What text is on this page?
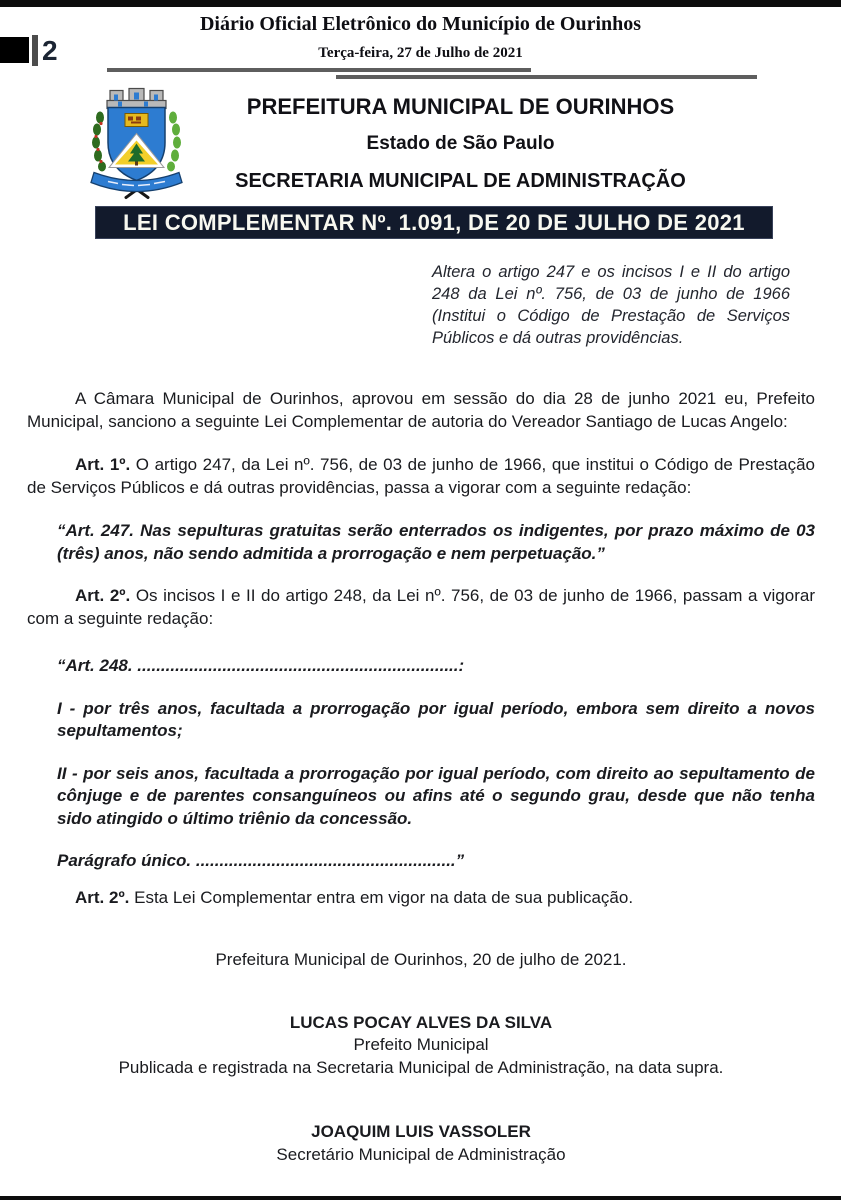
Diário Oficial Eletrônico do Município de Ourinhos
Terça-feira, 27 de Julho de 2021
2
PREFEITURA MUNICIPAL DE OURINHOS
Estado de São Paulo
SECRETARIA MUNICIPAL DE ADMINISTRAÇÃO
LEI COMPLEMENTAR Nº. 1.091, DE 20 DE JULHO DE 2021
Altera o artigo 247 e os incisos I e II do artigo 248 da Lei nº. 756, de 03 de junho de 1966 (Institui o Código de Prestação de Serviços Públicos e dá outras providências.

A Câmara Municipal de Ourinhos, aprovou em sessão do dia 28 de junho 2021 eu, Prefeito Municipal, sanciono a seguinte Lei Complementar de autoria do Vereador Santiago de Lucas Angelo:

Art. 1º. O artigo 247, da Lei nº. 756, de 03 de junho de 1966, que institui o Código de Prestação de Serviços Públicos e dá outras providências, passa a vigorar com a seguinte redação:

“Art. 247. Nas sepulturas gratuitas serão enterrados os indigentes, por prazo máximo de 03 (três) anos, não sendo admitida a prorrogação e nem perpetuação.”

Art. 2º. Os incisos I e II do artigo 248, da Lei nº. 756, de 03 de junho de 1966, passam a vigorar com a seguinte redação:

“Art. 248. ....................................................................:

I - por três anos, facultada a prorrogação por igual período, embora sem direito a novos sepultamentos;

II - por seis anos, facultada a prorrogação por igual período, com direito ao sepultamento de cônjuge e de parentes consanguíneos ou afins até o segundo grau, desde que não tenha sido atingido o último triênio da concessão.

Parágrafo único. .......................................................”

Art. 2º. Esta Lei Complementar entra em vigor na data de sua publicação.

Prefeitura Municipal de Ourinhos, 20 de julho de 2021.

LUCAS POCAY ALVES DA SILVA
Prefeito Municipal
Publicada e registrada na Secretaria Municipal de Administração, na data supra.
JOAQUIM LUIS VASSOLER
Secretário Municipal de Administração
